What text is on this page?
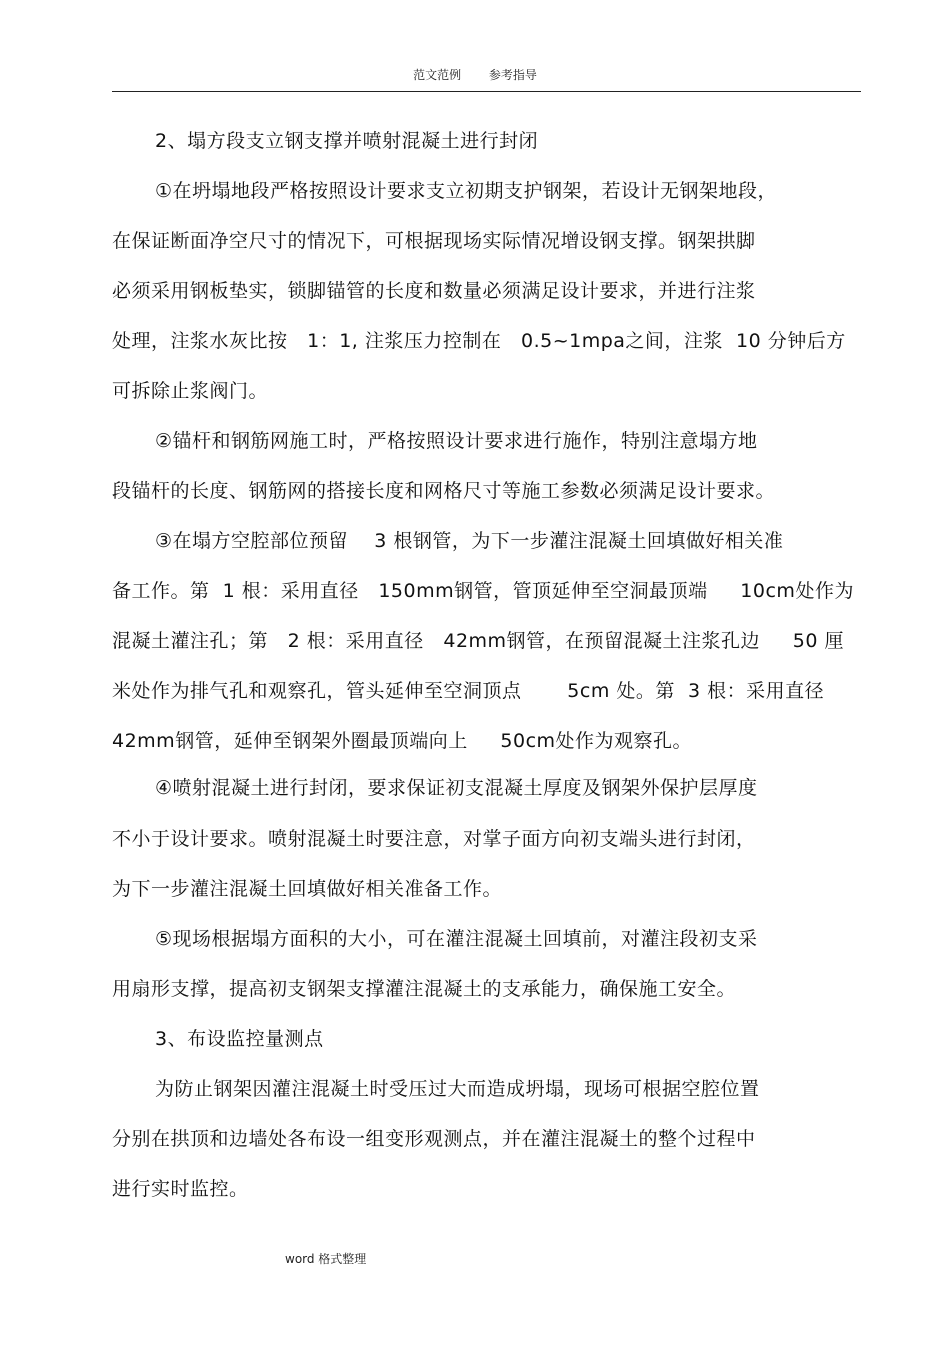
范文范例 参考指导
2、塌方段支立钢支撑并喷射混凝土进行封闭
①在坍塌地段严格按照设计要求支立初期支护钢架，若设计无钢架地段，
在保证断面净空尺寸的情况下，可根据现场实际情况增设钢支撑。钢架拱脚
必须采用钢板垫实，锁脚锚管的长度和数量必须满足设计要求，并进行注浆
处理，注浆水灰比按   1：1, 注浆压力控制在   0.5~1mpa之间，注浆  10 分钟后方
可拆除止浆阀门。
②锚杆和钢筋网施工时，严格按照设计要求进行施作，特别注意塌方地
段锚杆的长度、钢筋网的搭接长度和网格尺寸等施工参数必须满足设计要求。
③在塌方空腔部位预留    3 根钢管，为下一步灌注混凝土回填做好相关准
备工作。第  1 根：采用直径   150mm钢管，管顶延伸至空洞最顶端     10cm处作为
混凝土灌注孔；第   2 根：采用直径   42mm钢管，在预留混凝土注浆孔边     50 厘
米处作为排气孔和观察孔，管头延伸至空洞顶点       5cm 处。第  3 根：采用直径
42mm钢管，延伸至钢架外圈最顶端向上     50cm处作为观察孔。
④喷射混凝土进行封闭，要求保证初支混凝土厚度及钢架外保护层厚度
不小于设计要求。喷射混凝土时要注意，对掌子面方向初支端头进行封闭，
为下一步灌注混凝土回填做好相关准备工作。
⑤现场根据塌方面积的大小，可在灌注混凝土回填前，对灌注段初支采
用扇形支撑，提高初支钢架支撑灌注混凝土的支承能力，确保施工安全。
3、布设监控量测点
为防止钢架因灌注混凝土时受压过大而造成坍塌，现场可根据空腔位置
分别在拱顶和边墙处各布设一组变形观测点，并在灌注混凝土的整个过程中
进行实时监控。
word 格式整理
